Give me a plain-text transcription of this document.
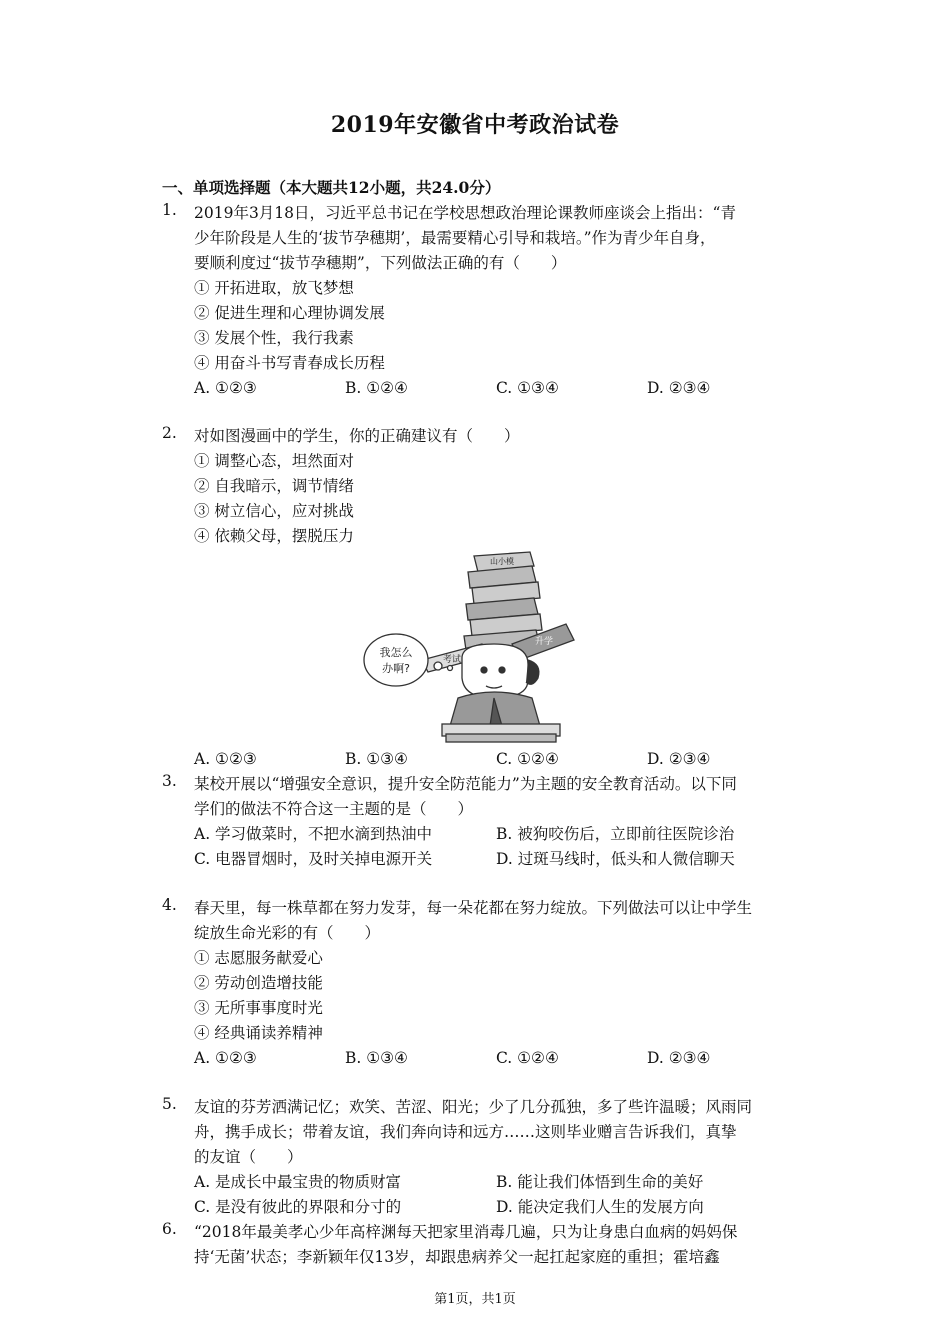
2019年安徽省中考政治试卷
一、单项选择题（本大题共12小题，共24.0分）
1.	2019年3月18日，习近平总书记在学校思想政治理论课教师座谈会上指出：“青
少年阶段是人生的‘拔节孕穗期’，最需要精心引导和栽培。”作为青少年自身，
要顺利度过“拔节孕穗期”，下列做法正确的有（　　）
① 开拓进取，放飞梦想
② 促进生理和心理协调发展
③ 发展个性，我行我素
④ 用奋斗书写青春成长历程
A. ①②③	B. ①②④	C. ①③④	D. ②③④
2.	对如图漫画中的学生，你的正确建议有（　　）
① 调整心态，坦然面对
② 自我暗示，调节情绪
③ 树立信心，应对挑战
④ 依赖父母，摆脱压力
我怎么
办啊?
山小模
考试
升学
A. ①②③	B. ①③④	C. ①②④	D. ②③④
3.	某校开展以“增强安全意识，提升安全防范能力”为主题的安全教育活动。以下同
学们的做法不符合这一主题的是（　　）
A. 学习做菜时，不把水滴到热油中	B. 被狗咬伤后，立即前往医院诊治
C. 电器冒烟时，及时关掉电源开关	D. 过斑马线时，低头和人微信聊天
4.	春天里，每一株草都在努力发芽，每一朵花都在努力绽放。下列做法可以让中学生
绽放生命光彩的有（　　）
① 志愿服务献爱心
② 劳动创造增技能
③ 无所事事度时光
④ 经典诵读养精神
A. ①②③	B. ①③④	C. ①②④	D. ②③④
5.	友谊的芬芳洒满记忆；欢笑、苦涩、阳光；少了几分孤独，多了些许温暖；风雨同
舟，携手成长；带着友谊，我们奔向诗和远方……这则毕业赠言告诉我们，真挚
的友谊（　　）
A. 是成长中最宝贵的物质财富	B. 能让我们体悟到生命的美好
C. 是没有彼此的界限和分寸的	D. 能决定我们人生的发展方向
6.	“2018年最美孝心少年高梓渊每天把家里消毒几遍，只为让身患白血病的妈妈保
持‘无菌’状态；李新颖年仅13岁，却跟患病养父一起扛起家庭的重担；霍培鑫
第1页，共1页
